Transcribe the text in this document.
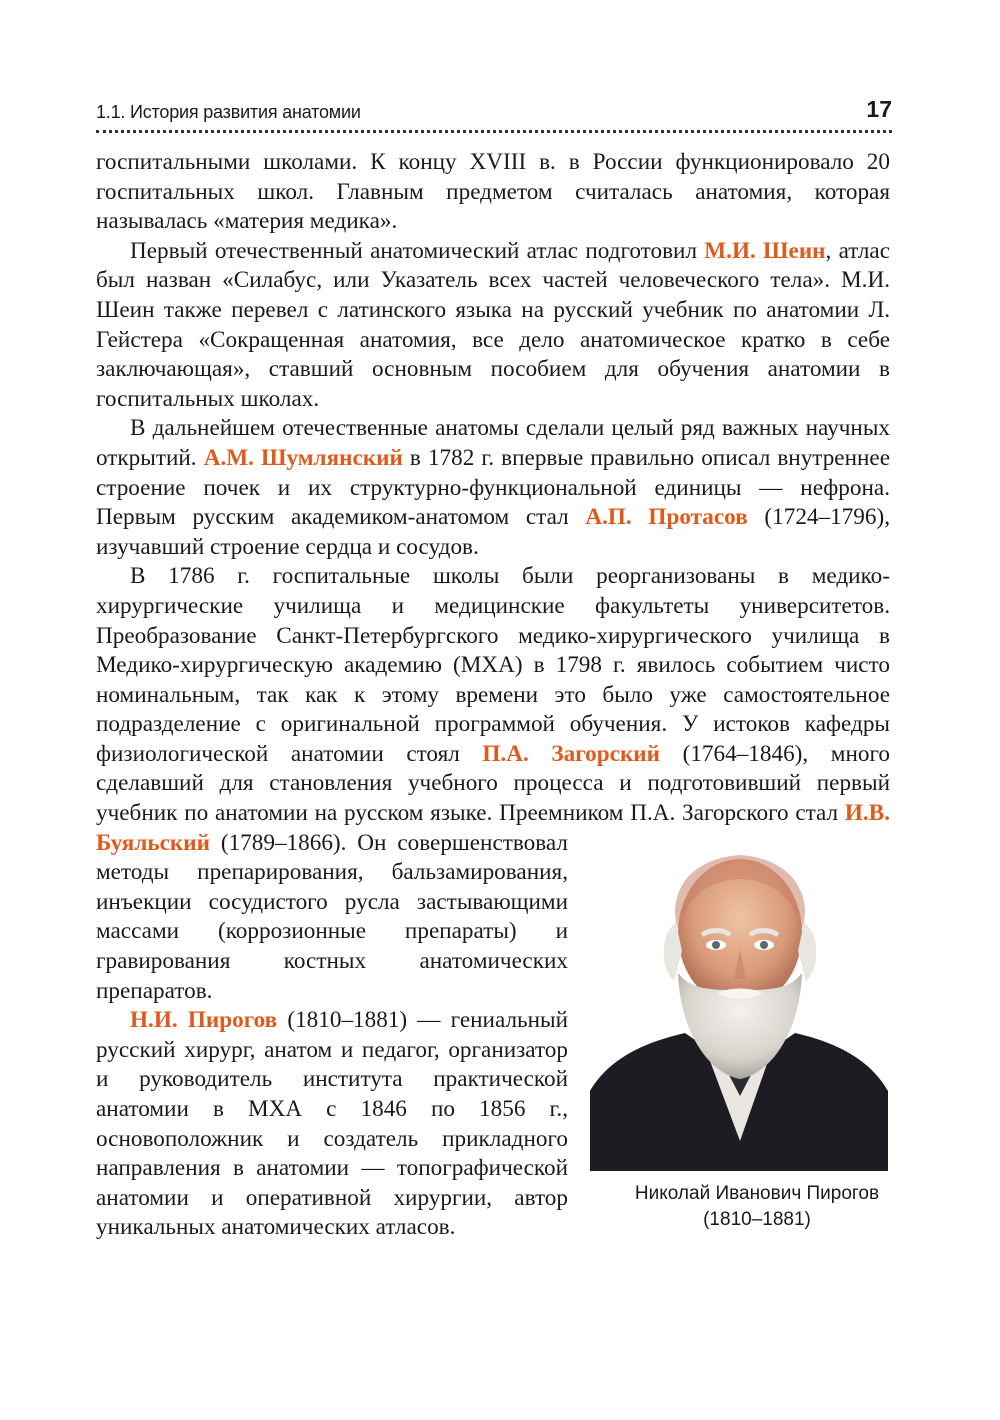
1.1. История развития анатомии	17

госпитальными школами. К концу XVIII в. в России функционировало 20 госпитальных школ. Главным предметом считалась анатомия, которая называлась «материя медика».

Первый отечественный анатомический атлас подготовил М.И. Шеин, атлас был назван «Силабус, или Указатель всех частей человеческого тела». М.И. Шеин также перевел с латинского языка на русский учебник по анатомии Л. Гейстера «Сокращенная анатомия, все дело анатомическое кратко в себе заключающая», ставший основным пособием для обучения анатомии в госпитальных школах.

В дальнейшем отечественные анатомы сделали целый ряд важных научных открытий. А.М. Шумлянский в 1782 г. впервые правильно описал внутреннее строение почек и их структурно-функциональной единицы — нефрона. Первым русским академиком-анатомом стал А.П. Протасов (1724–1796), изучавший строение сердца и сосудов.

В 1786 г. госпитальные школы были реорганизованы в медико-хирургические училища и медицинские факультеты университетов. Преобразование Санкт-Петербургского медико-хирургического училища в Медико-хирургическую академию (МХА) в 1798 г. явилось событием чисто номинальным, так как к этому времени это было уже самостоятельное подразделение с оригинальной программой обучения. У истоков кафедры физиологической анатомии стоял П.А. Загорский (1764–1846), много сделавший для становления учебного процесса и подготовивший первый учебник по анатомии на русском языке. Преемником П.А. Загорского стал И.В. Буяльский
Николай Иванович Пирогов
(1810–1881)
(1789–1866). Он совершенствовал методы препарирования, бальзамирования, инъекции сосудистого русла застывающими массами (коррозионные препараты) и гравирования костных анатомических препаратов.

Н.И. Пирогов (1810–1881) — гениальный русский хирург, анатом и педагог, организатор и руководитель института практической анатомии в МХА с 1846 по 1856 г., основоположник и создатель прикладного направления в анатомии — топографической анатомии и оперативной хирургии, автор уникальных анатомических атласов.
